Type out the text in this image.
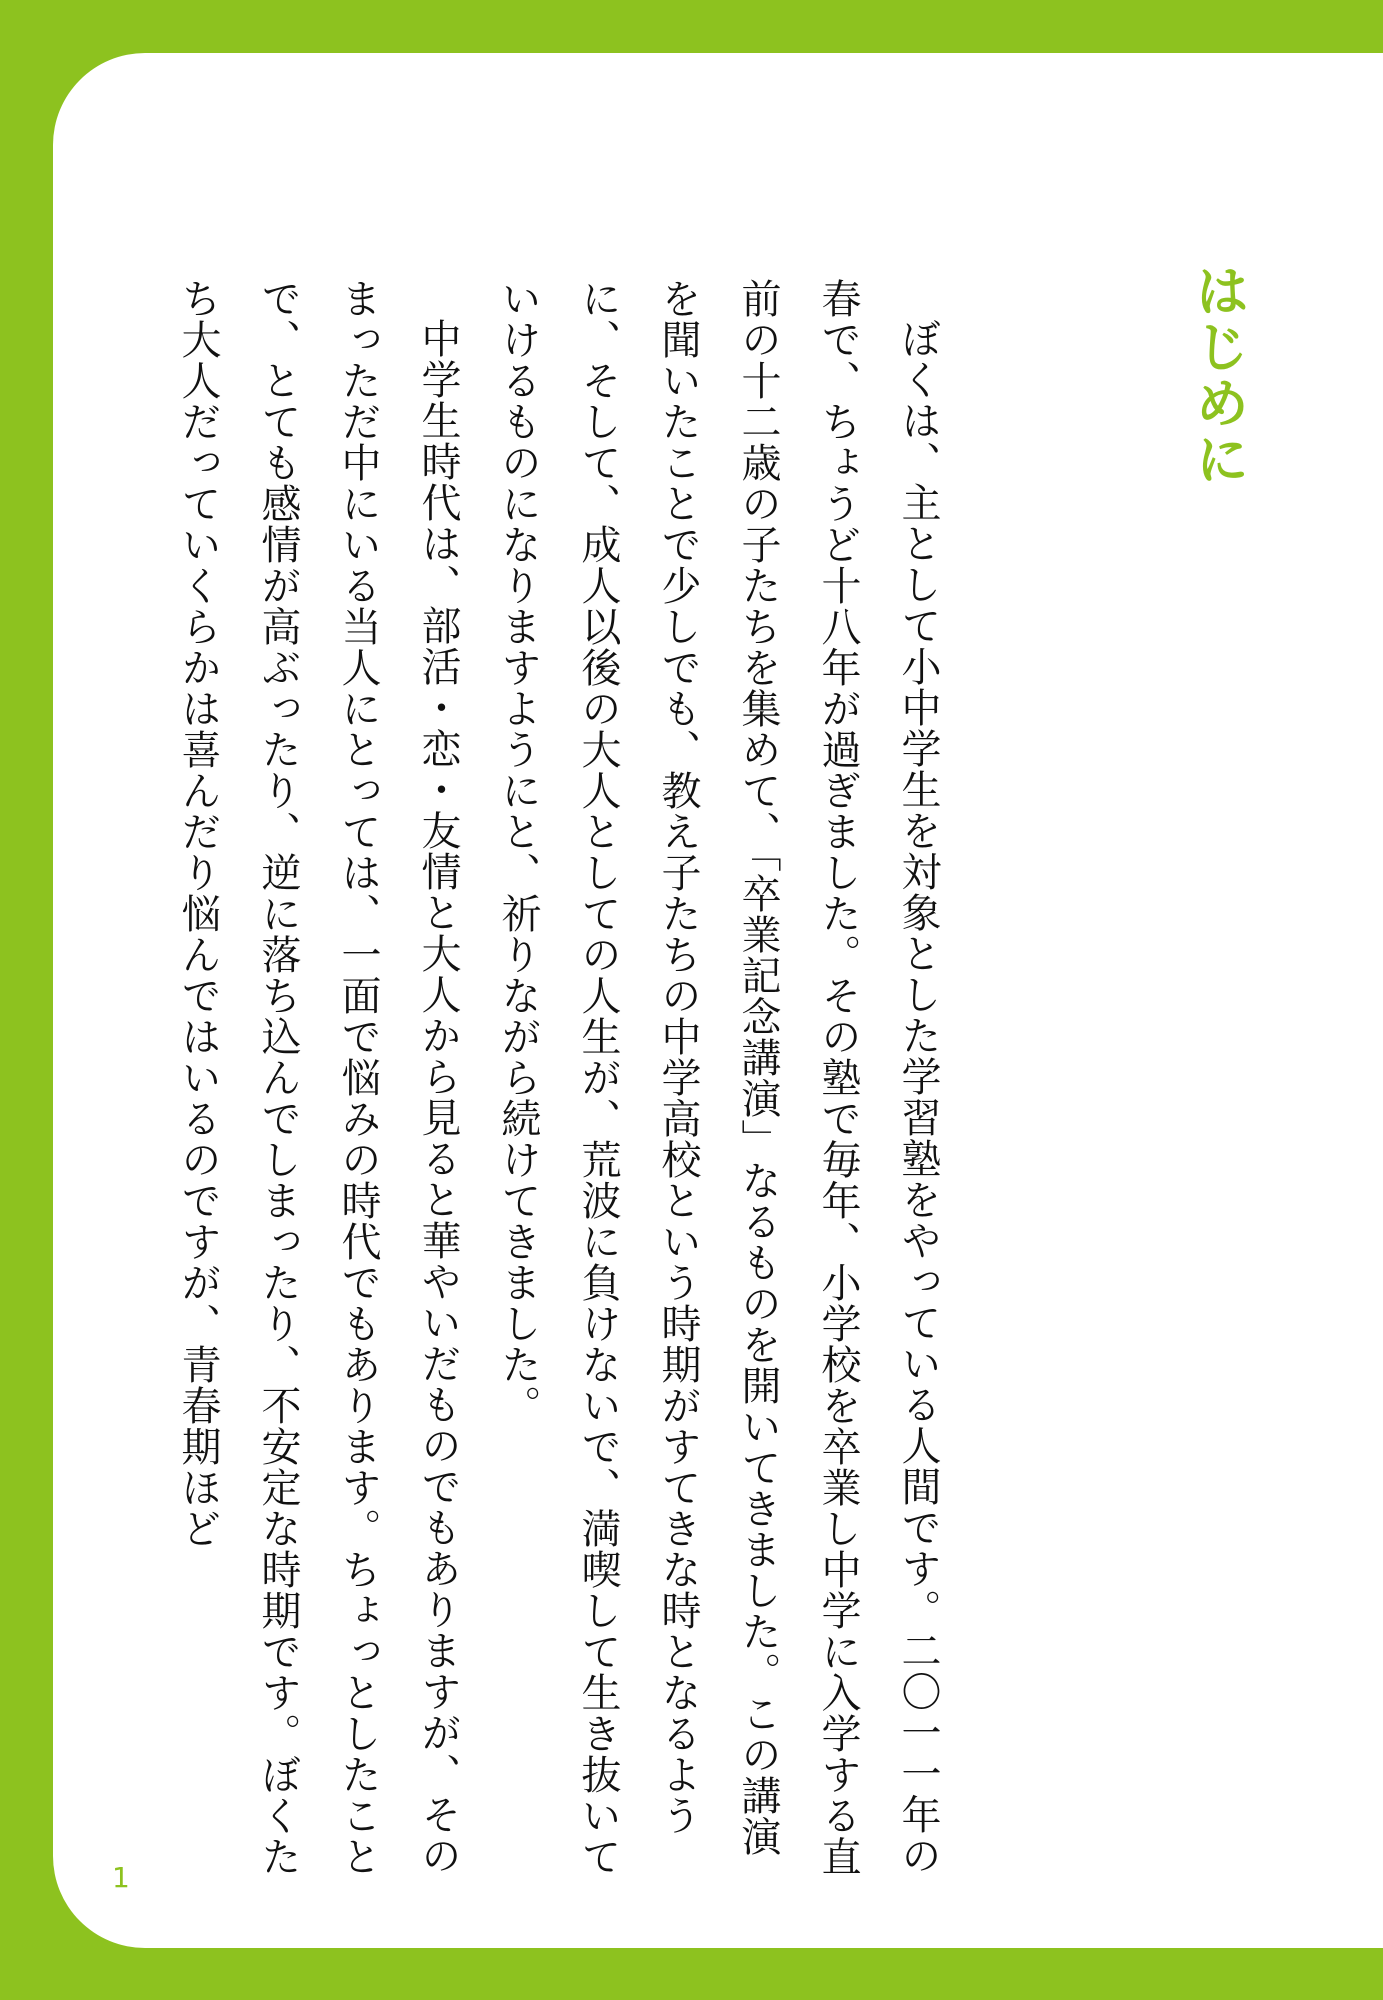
はじめに

ぼくは、主として小中学生を対象とした学習塾をやっている人間です。二〇一一年の春で、ちょうど十八年が過ぎました。その塾で毎年、小学校を卒業し中学に入学する直前の十二歳の子たちを集めて、「卒業記念講演」なるものを開いてきました。この講演を聞いたことで少しでも、教え子たちの中学高校という時期がすてきな時となるように、そして、成人以後の大人としての人生が、荒波に負けないで、満喫して生き抜いていけるものになりますようにと、祈りながら続けてきました。

中学生時代は、部活・恋・友情と大人から見ると華やいだものでもありますが、そのまっただ中にいる当人にとっては、一面で悩みの時代でもあります。ちょっとしたことで、とても感情が高ぶったり、逆に落ち込んでしまったり、不安定な時期です。ぼくたち大人だっていくらかは喜んだり悩んではいるのですが、青春期ほど

1
